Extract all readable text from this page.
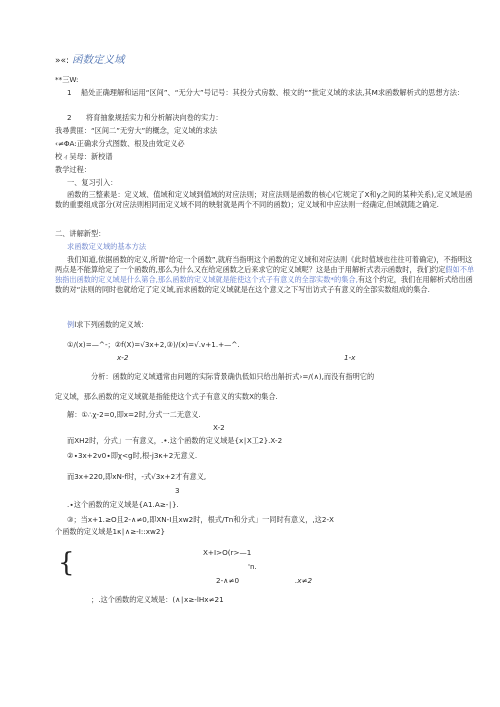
»«: 函数定义域
**三W:
1　 船处正确理解和运用“区间”、“无分大”号记号：其投分式房数、根文的“”批定义域的求法,其M求函数解析式的思想方法：
2　　将育抽象规括实力和分析解决向卷的实力：
我尋黄匪：“区间二”无穷大”的概念，定义域的求法
‹≠ΦA:正确求分式图数、根及由效定义必
校ィ吴母：新校谱
教学过程：
一、复习引入：
函数的三整素是：定义域、值域和定义域到值域的对应法则；对应法则是函数的核心(它规定了X和y之间的某种关系),定义域是函数的重要组成部分(对应法则相同而定义域不同的映射就是两个不同的函数)；定义域和中应法则一经确定,但域就随之确定.
二、讲解新型：
求函数定义域的基本方法
我们知道,依据函数的定义,所谓“给定一个函数”,就府当指明这个函数的定义域和对应法则《此时值域也往往可着确定)，不指明这两点是不能算给定了一个函数的,那么为什么又在给定函数之后来求它的定义域呢？这是由于用解析式表示函数时，我们约定假如不单独指出函数的定义域是什么第合,那么函数的定义域就是能使这个式子有意义的全部实数*的集合,有这个约定，我们在用解析式给出函数的对“法则的同时也就给定了定义域,而求函数的定义域就是在这个意义之下写出访式子有意义的全部实数组成的集合.
例l求下列函数的定义域：
①/(x)=—^-；②f(X)=√3x+2,③)/(x)=√.v+1.+—^.
x-2	1-x
分析：函数的定义域通常由问题的实际背景确仇低如只给出斛折式›=/(∧),而没有指明它的
定义域，那么函数的定义域就是指能使这个式子有意义的实数X的集合.
解：①∴χ-2=0,即x=2时,分式一二无意义.
X-2
而XH2时，分式」一有意义，.•.这个函数的定义域是{x∣X工2}.X-2
②∙3x+2v0∙即χ<g时,根-j3κ+2无意义.
而3x+220,即xN-f时，-式√3x+2才有意义,
3
.∙这个函数的定义域是{A1.A≥-∣}.
③；当x+1.≥O且2-∧≠0,即XN-I且xw2时，根式/Tn和分式」一同时有意义，,这2-X
个函数的定义域是1κ∣∧≥-I::xw2}
{	X+I>O(r>—1
'n.
2-∧≠0	.x≠2
；.这个函数的定义域是：(∧∣x≥-lHx≠21
